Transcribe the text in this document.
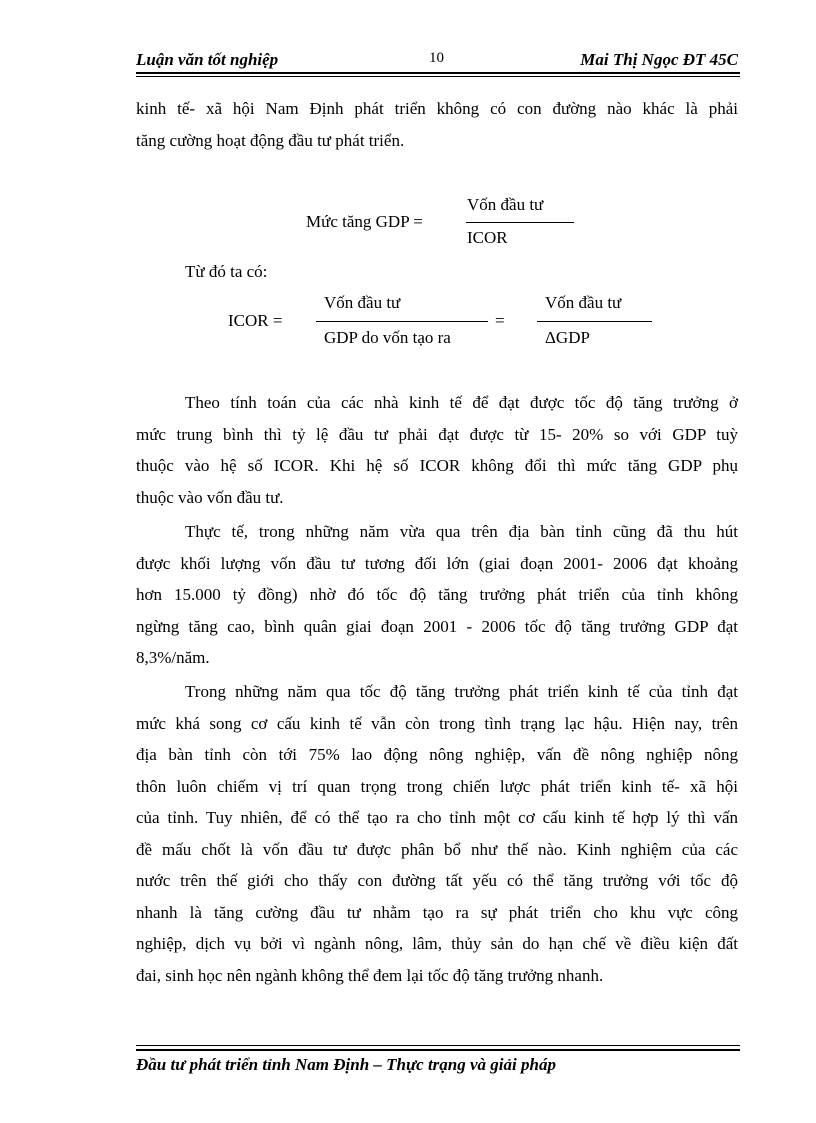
Luận văn tốt nghiệp	10	Mai Thị Ngọc ĐT 45C
kinh tế- xã hội Nam Định phát triển không có con đường nào khác là phải
tăng cường hoạt động đầu tư phát triển.
Mức tăng GDP =
Vốn đầu tư
ICOR
Từ đó ta có:
ICOR =
Vốn đầu tư
GDP do vốn tạo ra
=
Vốn đầu tư
ΔGDP
Theo tính toán của các nhà kinh tế để đạt được tốc độ tăng trưởng ở
mức trung bình thì tỷ lệ đầu tư phải đạt được từ 15- 20% so với GDP tuỳ
thuộc vào hệ số ICOR. Khi hệ số ICOR không đổi thì mức tăng GDP phụ
thuộc vào vốn đầu tư.
Thực tế, trong những năm vừa qua trên địa bàn tỉnh cũng đã thu hút
được khối lượng vốn đầu tư tương đối lớn (giai đoạn 2001- 2006 đạt khoảng
hơn 15.000 tỷ đồng) nhờ đó tốc độ tăng trưởng phát triển của tỉnh không
ngừng tăng cao, bình quân giai đoạn 2001 - 2006 tốc độ tăng trưởng GDP đạt
8,3%/năm.
Trong những năm qua tốc độ tăng trưởng phát triển kinh tế của tỉnh đạt
mức khá song cơ cấu kinh tế vẫn còn trong tình trạng lạc hậu. Hiện nay, trên
địa bàn tỉnh còn tới 75% lao động nông nghiệp, vấn đề nông nghiệp nông
thôn luôn chiếm vị trí quan trọng trong chiến lược phát triển kinh tế- xã hội
của tỉnh. Tuy nhiên, để có thể tạo ra cho tỉnh một cơ cấu kinh tế hợp lý thì vấn
đề mấu chốt là vốn đầu tư được phân bổ như thế nào. Kinh nghiệm của các
nước trên thế giới cho thấy con đường tất yếu có thể tăng trưởng với tốc độ
nhanh là tăng cường đầu tư nhằm tạo ra sự phát triển cho khu vực công
nghiệp, dịch vụ bởi vì ngành nông, lâm, thủy sản do hạn chế về điều kiện đất
đai, sinh học nên ngành không thể đem lại tốc độ tăng trưởng nhanh.
Đầu tư phát triển tỉnh Nam Định – Thực trạng và giải pháp
